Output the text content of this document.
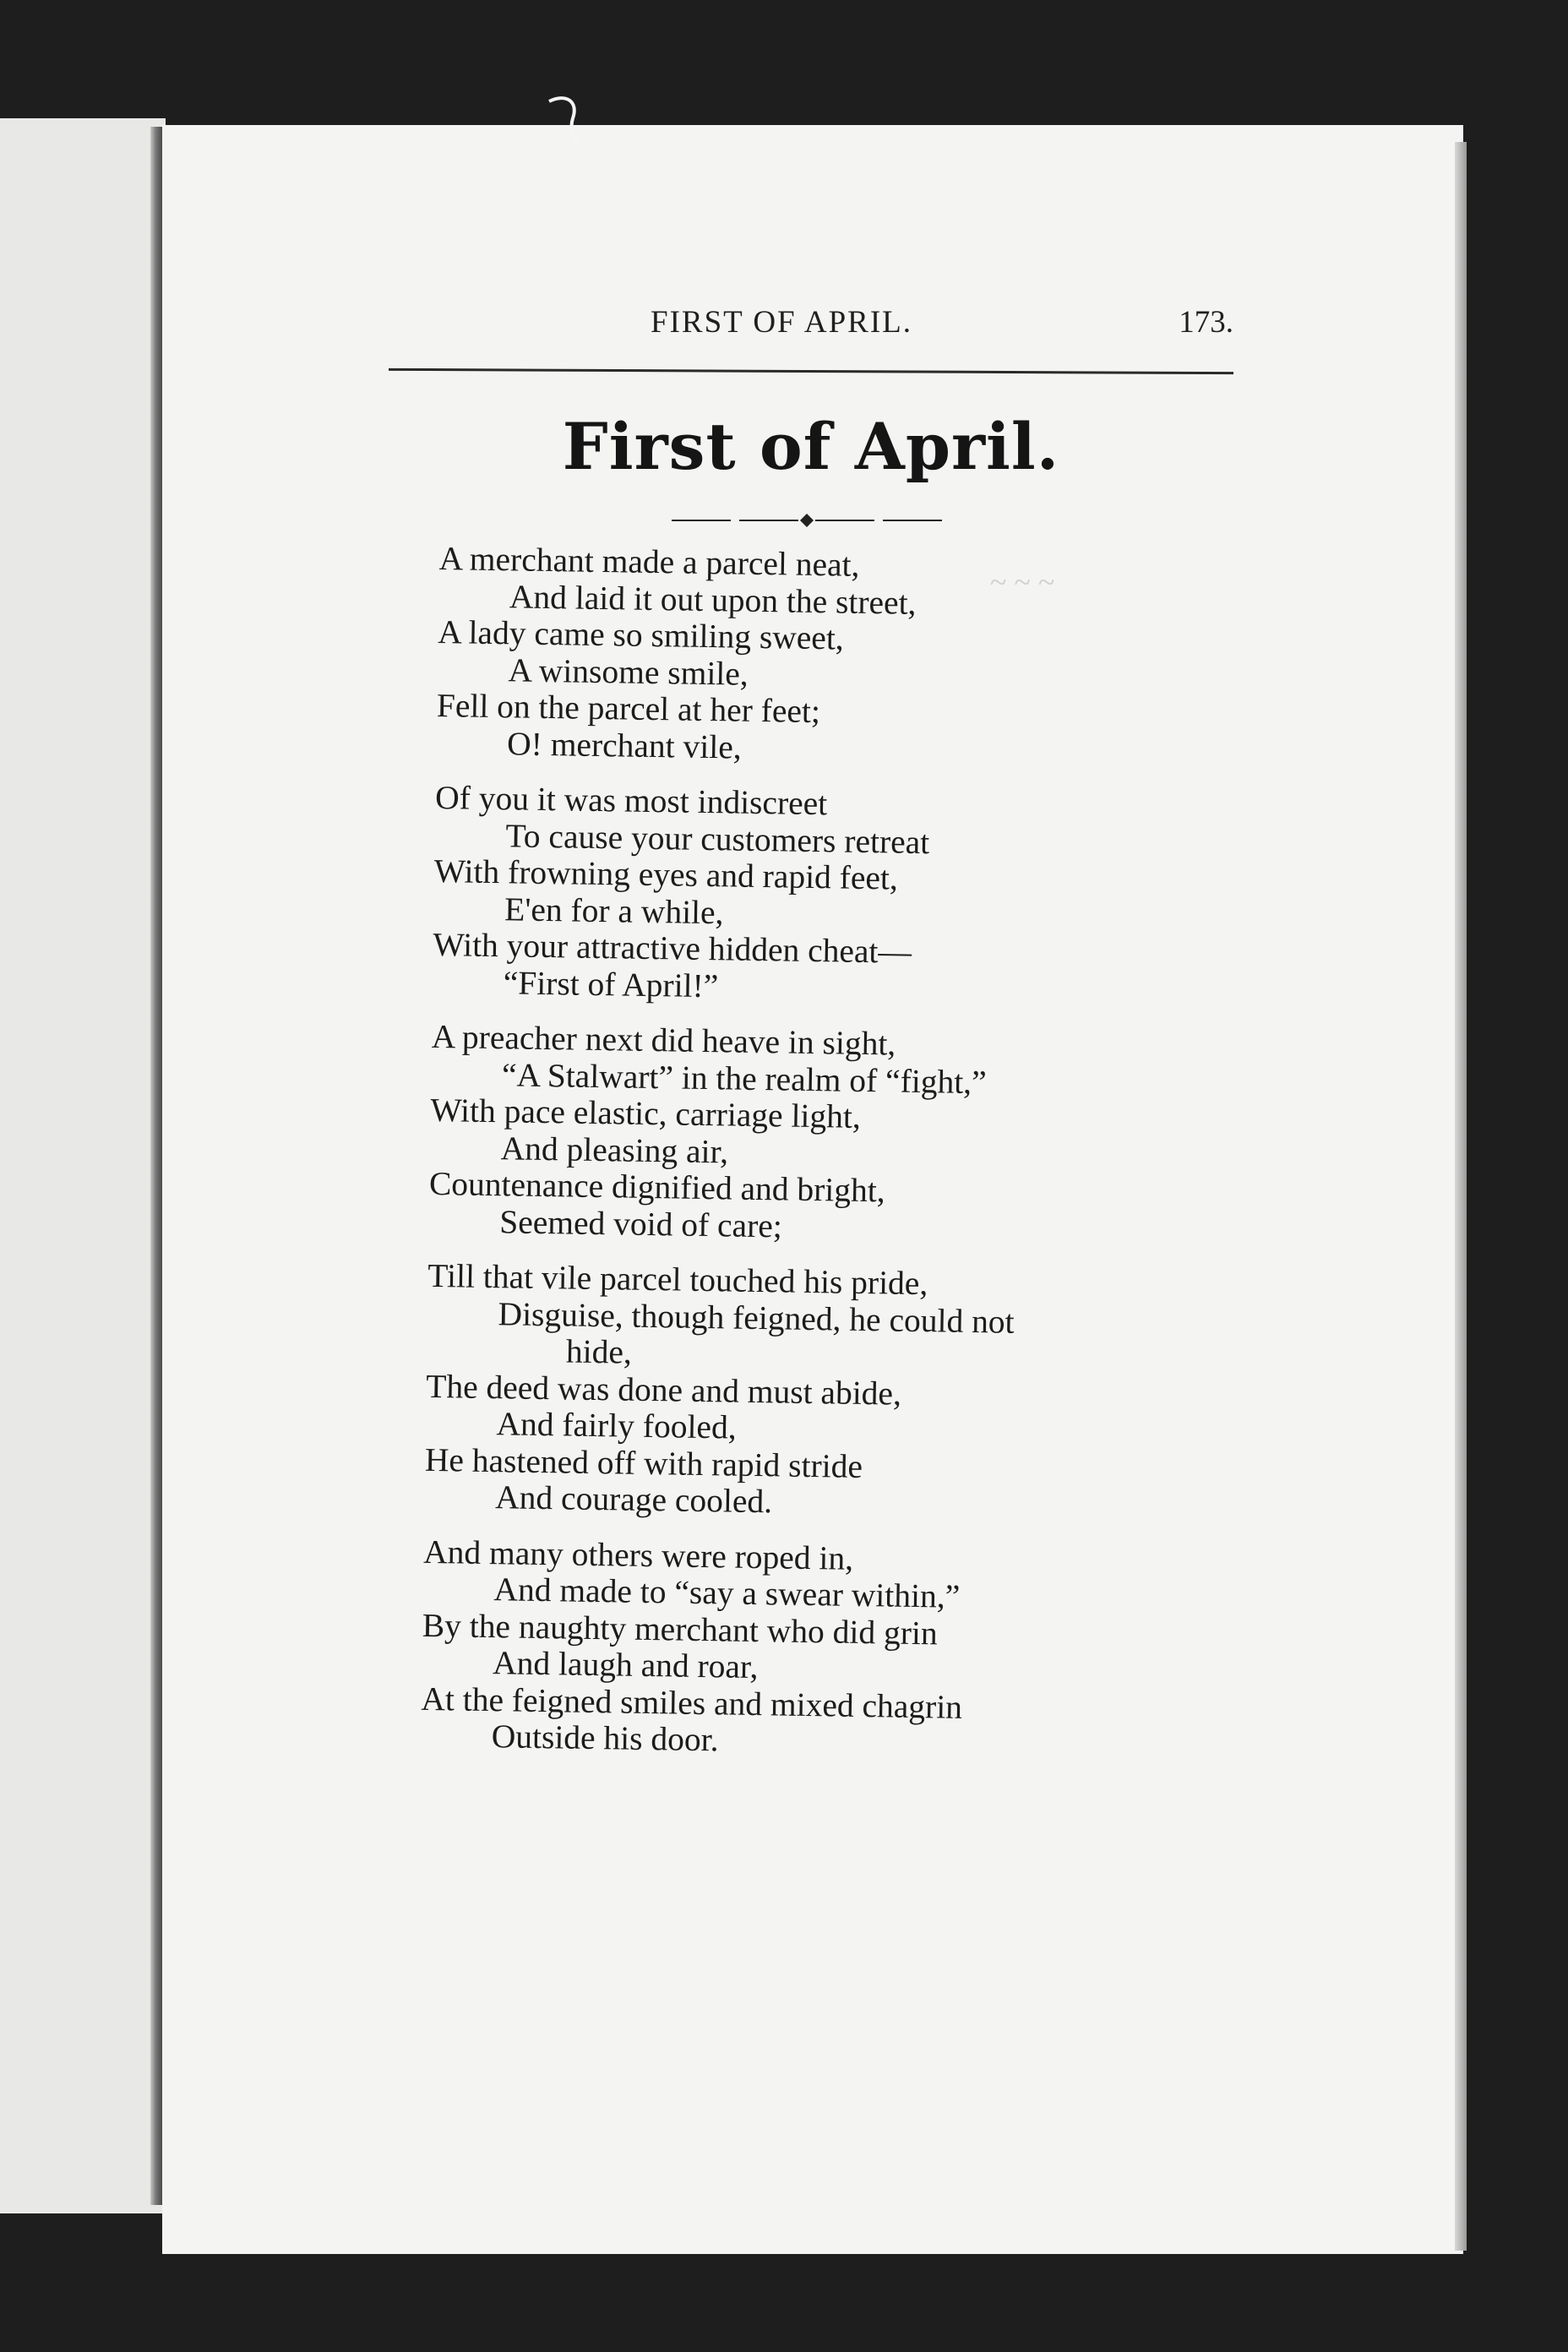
~ ~ ~
FIRST OF APRIL.	173.
First of April.
A merchant made a parcel neat,
And laid it out upon the street,
A lady came so smiling sweet,
A winsome smile,
Fell on the parcel at her feet;
O! merchant vile,
Of you it was most indiscreet
To cause your customers retreat
With frowning eyes and rapid feet,
E'en for a while,
With your attractive hidden cheat—
“First of April!”
A preacher next did heave in sight,
“A Stalwart” in the realm of “fight,”
With pace elastic, carriage light,
And pleasing air,
Countenance dignified and bright,
Seemed void of care;
Till that vile parcel touched his pride,
Disguise, though feigned, he could not
hide,
The deed was done and must abide,
And fairly fooled,
He hastened off with rapid stride
And courage cooled.
And many others were roped in,
And made to “say a swear within,”
By the naughty merchant who did grin
And laugh and roar,
At the feigned smiles and mixed chagrin
Outside his door.
